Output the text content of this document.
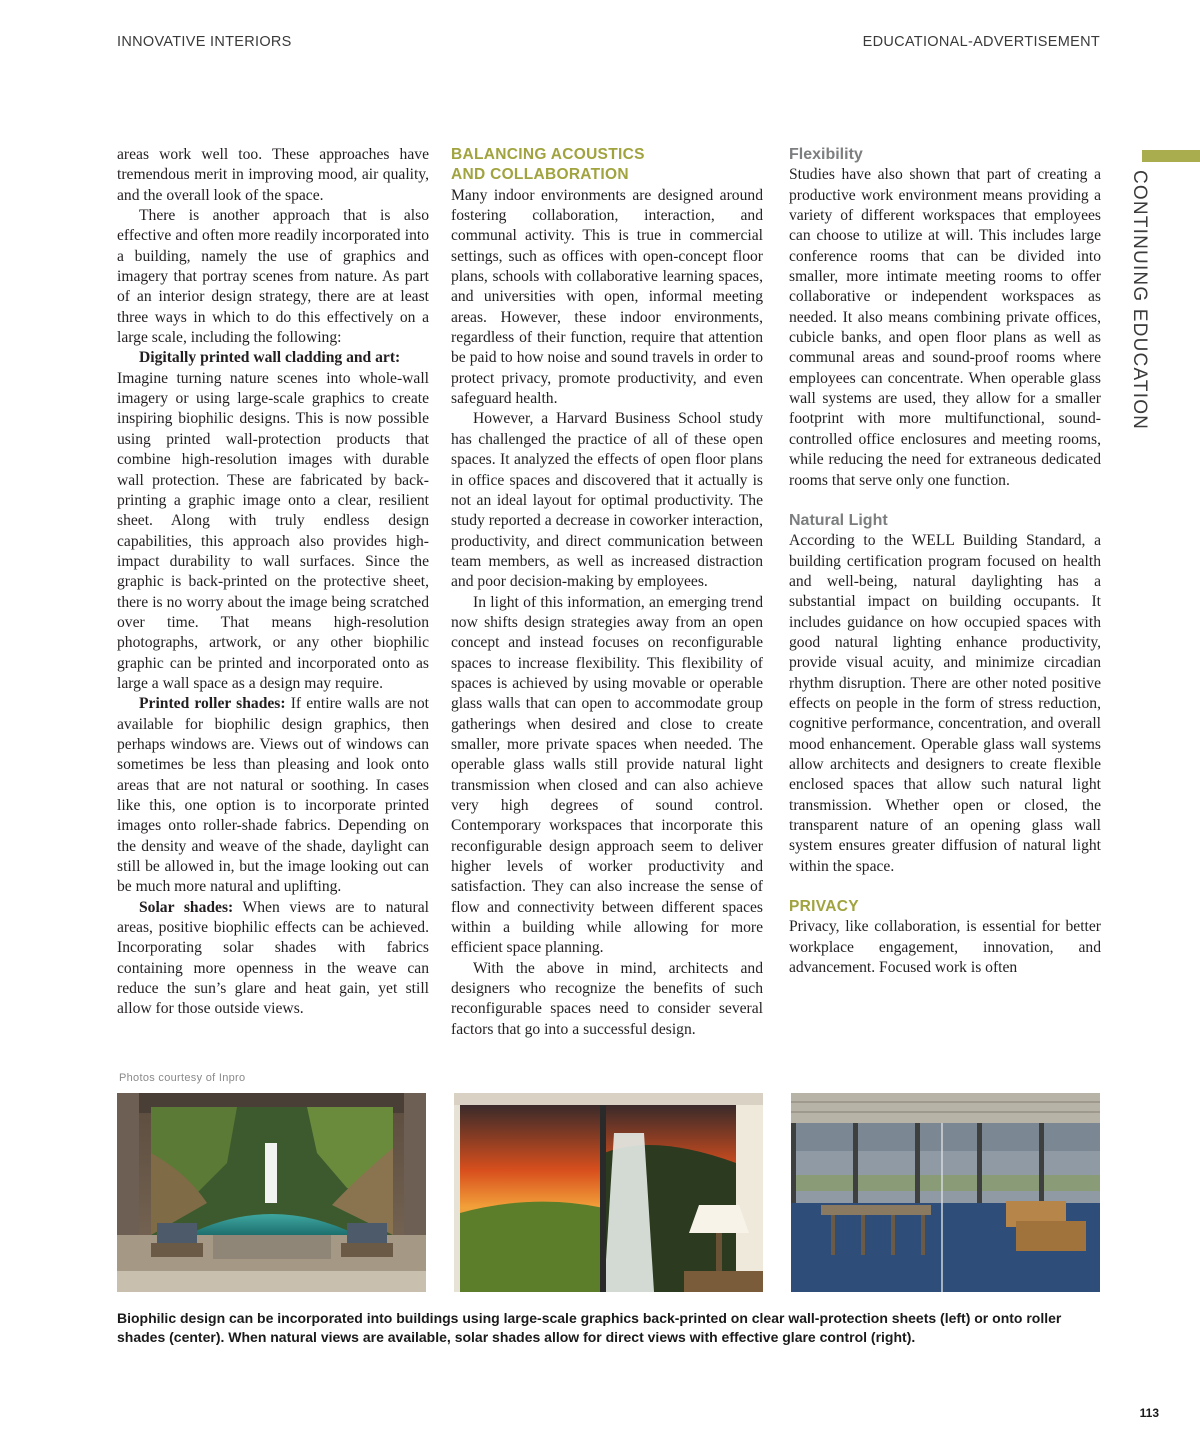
INNOVATIVE INTERIORS	EDUCATIONAL-ADVERTISEMENT
CONTINUING EDUCATION

areas work well too. These approaches have tremendous merit in improving mood, air quality, and the overall look of the space.

There is another approach that is also effective and often more readily incorporated into a building, namely the use of graphics and imagery that portray scenes from nature. As part of an interior design strategy, there are at least three ways in which to do this effectively on a large scale, including the following:

Digitally printed wall cladding and art:
Imagine turning nature scenes into whole-wall imagery or using large-scale graphics to create inspiring biophilic designs. This is now possible using printed wall-protection products that combine high-resolution images with durable wall protection. These are fabricated by back-printing a graphic image onto a clear, resilient sheet. Along with truly endless design capabilities, this approach also provides high-impact durability to wall surfaces. Since the graphic is back-printed on the protective sheet, there is no worry about the image being scratched over time. That means high-resolution photographs, artwork, or any other biophilic graphic can be printed and incorporated onto as large a wall space as a design may require.

Printed roller shades: If entire walls are not available for biophilic design graphics, then perhaps windows are. Views out of windows can sometimes be less than pleasing and look onto areas that are not natural or soothing. In cases like this, one option is to incorporate printed images onto roller-shade fabrics. Depending on the density and weave of the shade, daylight can still be allowed in, but the image looking out can be much more natural and uplifting.

Solar shades: When views are to natural areas, positive biophilic effects can be achieved. Incorporating solar shades with fabrics containing more openness in the weave can reduce the sun’s glare and heat gain, yet still allow for those outside views.

BALANCING ACOUSTICS
AND COLLABORATION

Many indoor environments are designed around fostering collaboration, interaction, and communal activity. This is true in commercial settings, such as offices with open-concept floor plans, schools with collaborative learning spaces, and universities with open, informal meeting areas. However, these indoor environments, regardless of their function, require that attention be paid to how noise and sound travels in order to protect privacy, promote productivity, and even safeguard health.

However, a Harvard Business School study has challenged the practice of all of these open spaces. It analyzed the effects of open floor plans in office spaces and discovered that it actually is not an ideal layout for optimal productivity. The study reported a decrease in coworker interaction, productivity, and direct communication between team members, as well as increased distraction and poor decision-making by employees.

In light of this information, an emerging trend now shifts design strategies away from an open concept and instead focuses on reconfigurable spaces to increase flexibility. This flexibility of spaces is achieved by using movable or operable glass walls that can open to accommodate group gatherings when desired and close to create smaller, more private spaces when needed. The operable glass walls still provide natural light transmission when closed and can also achieve very high degrees of sound control. Contemporary workspaces that incorporate this reconfigurable design approach seem to deliver higher levels of worker productivity and satisfaction. They can also increase the sense of flow and connectivity between different spaces within a building while allowing for more efficient space planning.

With the above in mind, architects and designers who recognize the benefits of such reconfigurable spaces need to consider several factors that go into a successful design.

Flexibility

Studies have also shown that part of creating a productive work environment means providing a variety of different workspaces that employees can choose to utilize at will. This includes large conference rooms that can be divided into smaller, more intimate meeting rooms to offer collaborative or independent workspaces as needed. It also means combining private offices, cubicle banks, and open floor plans as well as communal areas and sound-proof rooms where employees can concentrate. When operable glass wall systems are used, they allow for a smaller footprint with more multifunctional, sound-controlled office enclosures and meeting rooms, while reducing the need for extraneous dedicated rooms that serve only one function.

Natural Light

According to the WELL Building Standard, a building certification program focused on health and well-being, natural daylighting has a substantial impact on building occupants. It includes guidance on how occupied spaces with good natural lighting enhance productivity, provide visual acuity, and minimize circadian rhythm disruption. There are other noted positive effects on people in the form of stress reduction, cognitive performance, concentration, and overall mood enhancement. Operable glass wall systems allow architects and designers to create flexible enclosed spaces that allow such natural light transmission. Whether open or closed, the transparent nature of an opening glass wall system ensures greater diffusion of natural light within the space.

PRIVACY

Privacy, like collaboration, is essential for better workplace engagement, innovation, and advancement. Focused work is often

Photos courtesy of Inpro
Biophilic design can be incorporated into buildings using large-scale graphics back-printed on clear wall-protection sheets (left) or onto roller shades (center). When natural views are available, solar shades allow for direct views with effective glare control (right).
113
